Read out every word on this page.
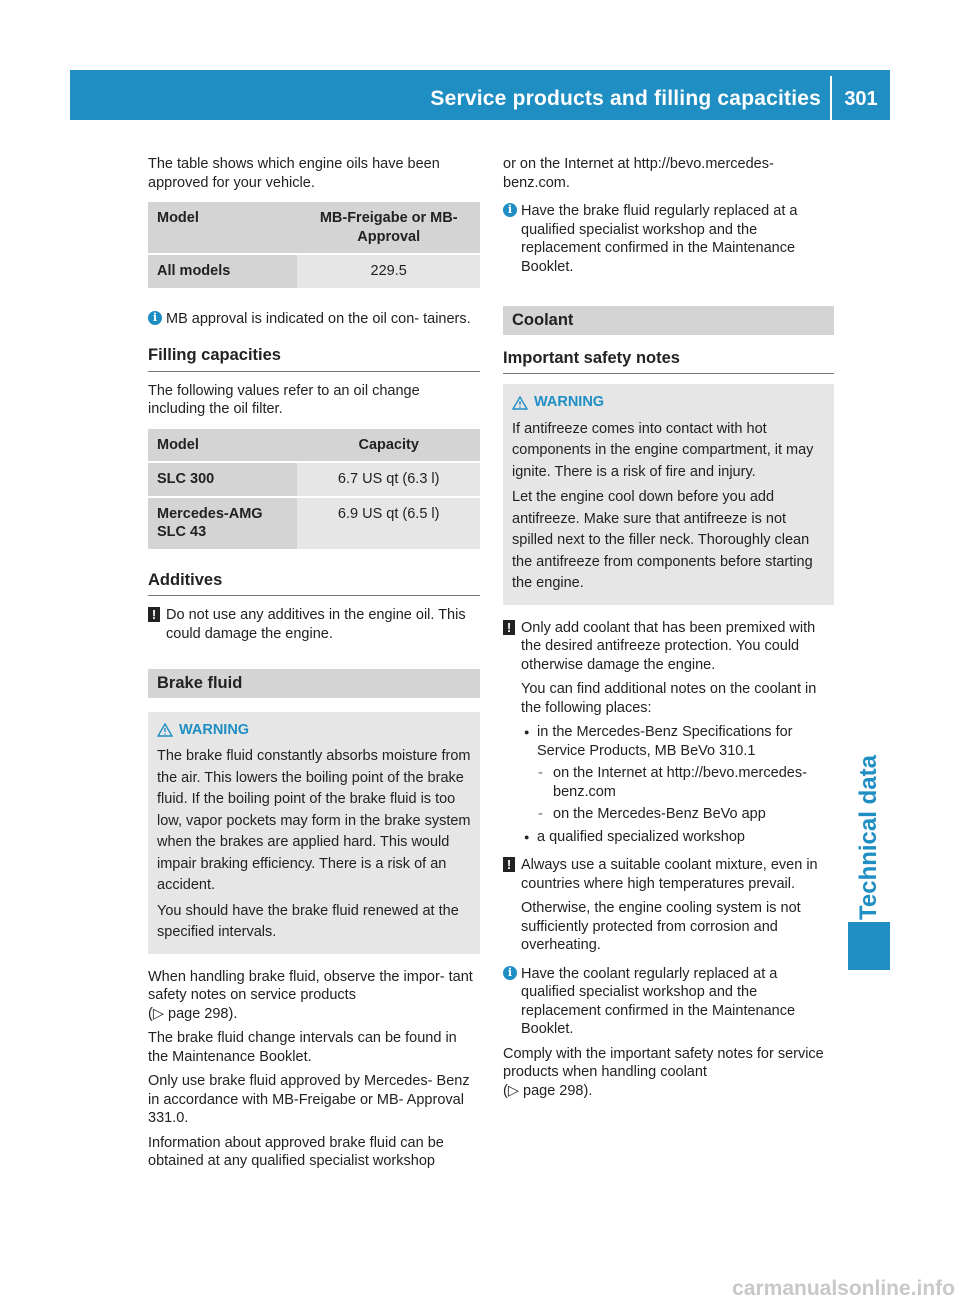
Service products and filling capacities	301
Technical data

The table shows which engine oils have been approved for your vehicle.

Model	MB-Freigabe or MB-Approval
All models	229.5
i MB approval is indicated on the oil con- tainers.
Filling capacities

The following values refer to an oil change including the oil filter.

Model	Capacity
SLC 300	6.7 US qt (6.3 l)
Mercedes-AMG SLC 43	6.9 US qt (6.5 l)
Additives
! Do not use any additives in the engine oil. This could damage the engine.
Brake fluid
WARNING

The brake fluid constantly absorbs moisture from the air. This lowers the boiling point of the brake fluid. If the boiling point of the brake fluid is too low, vapor pockets may form in the brake system when the brakes are applied hard. This would impair braking efficiency. There is a risk of an accident.

You should have the brake fluid renewed at the specified intervals.

When handling brake fluid, observe the impor- tant safety notes on service products
(▷ page 298).

The brake fluid change intervals can be found in the Maintenance Booklet.

Only use brake fluid approved by Mercedes- Benz in accordance with MB-Freigabe or MB- Approval 331.0.

Information about approved brake fluid can be obtained at any qualified specialist workshop

or on the Internet at http://bevo.mercedes-benz.com.

i Have the brake fluid regularly replaced at a qualified specialist workshop and the replacement confirmed in the Maintenance Booklet.
Coolant
Important safety notes
WARNING

If antifreeze comes into contact with hot components in the engine compartment, it may ignite. There is a risk of fire and injury.

Let the engine cool down before you add antifreeze. Make sure that antifreeze is not spilled next to the filler neck. Thoroughly clean the antifreeze from components before starting the engine.

! Only add coolant that has been premixed with the desired antifreeze protection. You could otherwise damage the engine.

You can find additional notes on the coolant in the following places:

● in the Mercedes-Benz Specifications for Service Products, MB BeVo 310.1
- on the Internet at http://bevo.mercedes-benz.com
- on the Mercedes-Benz BeVo app
● a qualified specialized workshop
! Always use a suitable coolant mixture, even in countries where high temperatures prevail.

Otherwise, the engine cooling system is not sufficiently protected from corrosion and overheating.

i Have the coolant regularly replaced at a qualified specialist workshop and the replacement confirmed in the Maintenance Booklet.

Comply with the important safety notes for service products when handling coolant
(▷ page 298).

carmanualsonline.info
